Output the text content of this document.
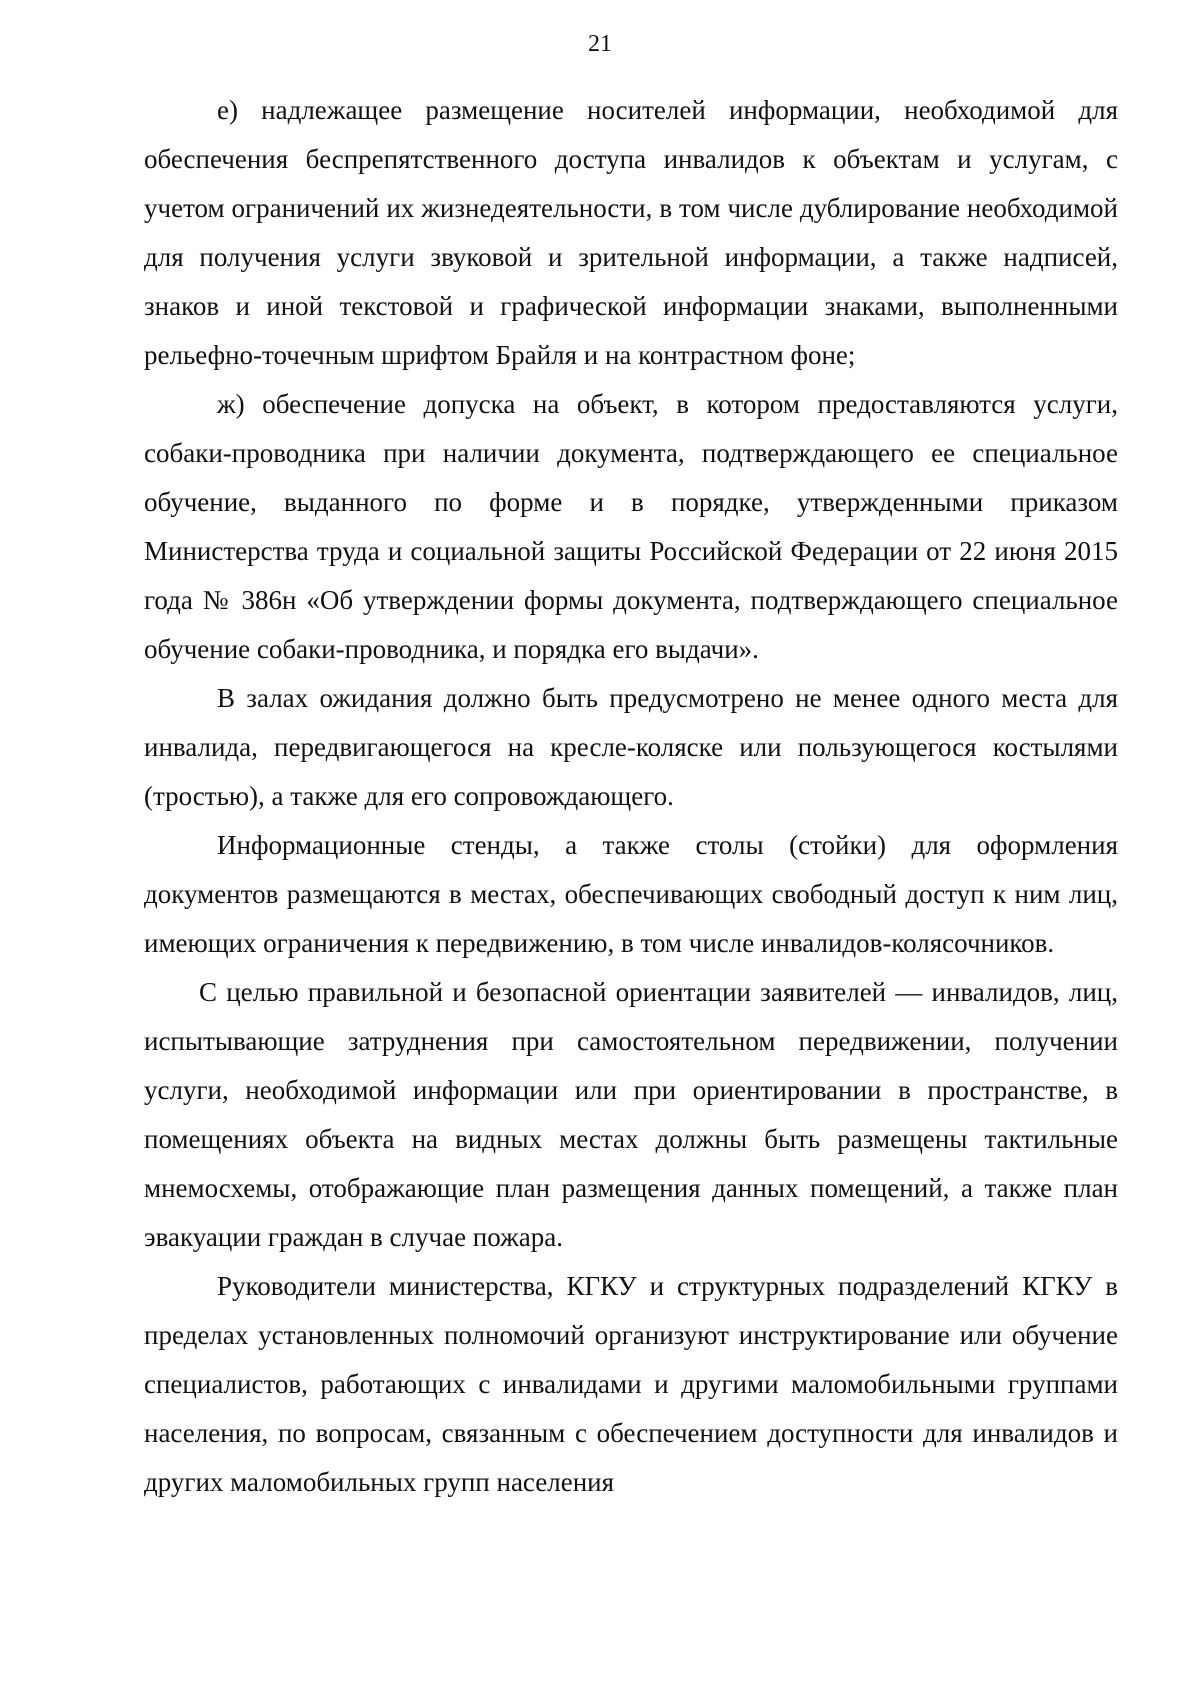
21

е) надлежащее размещение носителей информации, необходимой для обеспечения беспрепятственного доступа инвалидов к объектам и услугам, с учетом ограничений их жизнедеятельности, в том числе дублирование необходимой для получения услуги звуковой и зрительной информации, а также надписей, знаков и иной текстовой и графической информации знаками, выполненными рельефно-точечным шрифтом Брайля и на контрастном фоне;

ж) обеспечение допуска на объект, в котором предоставляются услуги, собаки-проводника при наличии документа, подтверждающего ее специальное обучение, выданного по форме и в порядке, утвержденными приказом Министерства труда и социальной защиты Российской Федерации от 22 июня 2015 года № 386н «Об утверждении формы документа, подтверждающего специальное обучение собаки-проводника, и порядка его выдачи».

В залах ожидания должно быть предусмотрено не менее одного места для инвалида, передвигающегося на кресле-коляске или пользующегося костылями (тростью), а также для его сопровождающего.

Информационные стенды, а также столы (стойки) для оформления документов размещаются в местах, обеспечивающих свободный доступ к ним лиц, имеющих ограничения к передвижению, в том числе инвалидов-колясочников.

С целью правильной и безопасной ориентации заявителей — инвалидов, лиц, испытывающие затруднения при самостоятельном передвижении, получении услуги, необходимой информации или при ориентировании в пространстве, в помещениях объекта на видных местах должны быть размещены тактильные мнемосхемы, отображающие план размещения данных помещений, а также план эвакуации граждан в случае пожара.

Руководители министерства, КГКУ и структурных подразделений КГКУ в пределах установленных полномочий организуют инструктирование или обучение специалистов, работающих с инвалидами и другими маломобильными группами населения, по вопросам, связанным с обеспечением доступности для инвалидов и других маломобильных групп населения
